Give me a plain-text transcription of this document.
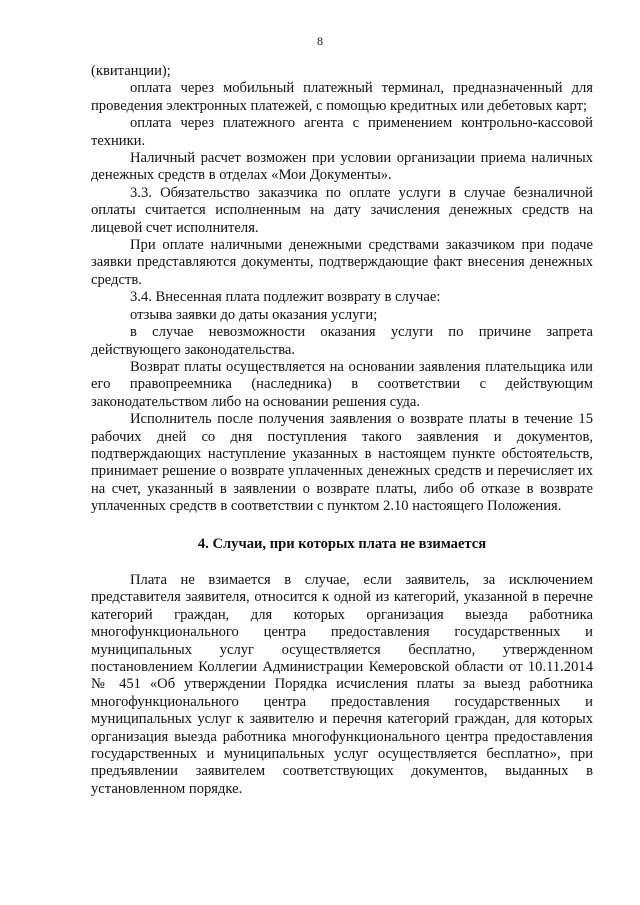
8

(квитанции);

оплата через мобильный платежный терминал, предназначенный для проведения электронных платежей, с помощью кредитных или дебетовых карт;

оплата через платежного агента с применением контрольно-кассовой техники.

Наличный расчет возможен при условии организации приема наличных денежных средств в отделах «Мои Документы».

3.3. Обязательство заказчика по оплате услуги в случае безналичной оплаты считается исполненным на дату зачисления денежных средств на лицевой счет исполнителя.

При оплате наличными денежными средствами заказчиком при подаче заявки представляются документы, подтверждающие факт внесения денежных средств.

3.4. Внесенная плата подлежит возврату в случае:

отзыва заявки до даты оказания услуги;

в случае невозможности оказания услуги по причине запрета действующего законодательства.

Возврат платы осуществляется на основании заявления плательщика или его правопреемника (наследника) в соответствии с действующим законодательством либо на основании решения суда.

Исполнитель после получения заявления о возврате платы в течение 15 рабочих дней со дня поступления такого заявления и документов, подтверждающих наступление указанных в настоящем пункте обстоятельств, принимает решение о возврате уплаченных денежных средств и перечисляет их на счет, указанный в заявлении о возврате платы, либо об отказе в возврате уплаченных средств в соответствии с пунктом 2.10 настоящего Положения.

4. Случаи, при которых плата не взимается

Плата не взимается в случае, если заявитель, за исключением представителя заявителя, относится к одной из категорий, указанной в перечне категорий граждан, для которых организация выезда работника многофункционального центра предоставления государственных и муниципальных услуг осуществляется бесплатно, утвержденном постановлением Коллегии Администрации Кемеровской области от 10.11.2014 № 451 «Об утверждении Порядка исчисления платы за выезд работника многофункционального центра предоставления государственных и муниципальных услуг к заявителю и перечня категорий граждан, для которых организация выезда работника многофункционального центра предоставления государственных и муниципальных услуг осуществляется бесплатно», при предъявлении заявителем соответствующих документов, выданных в установленном порядке.
